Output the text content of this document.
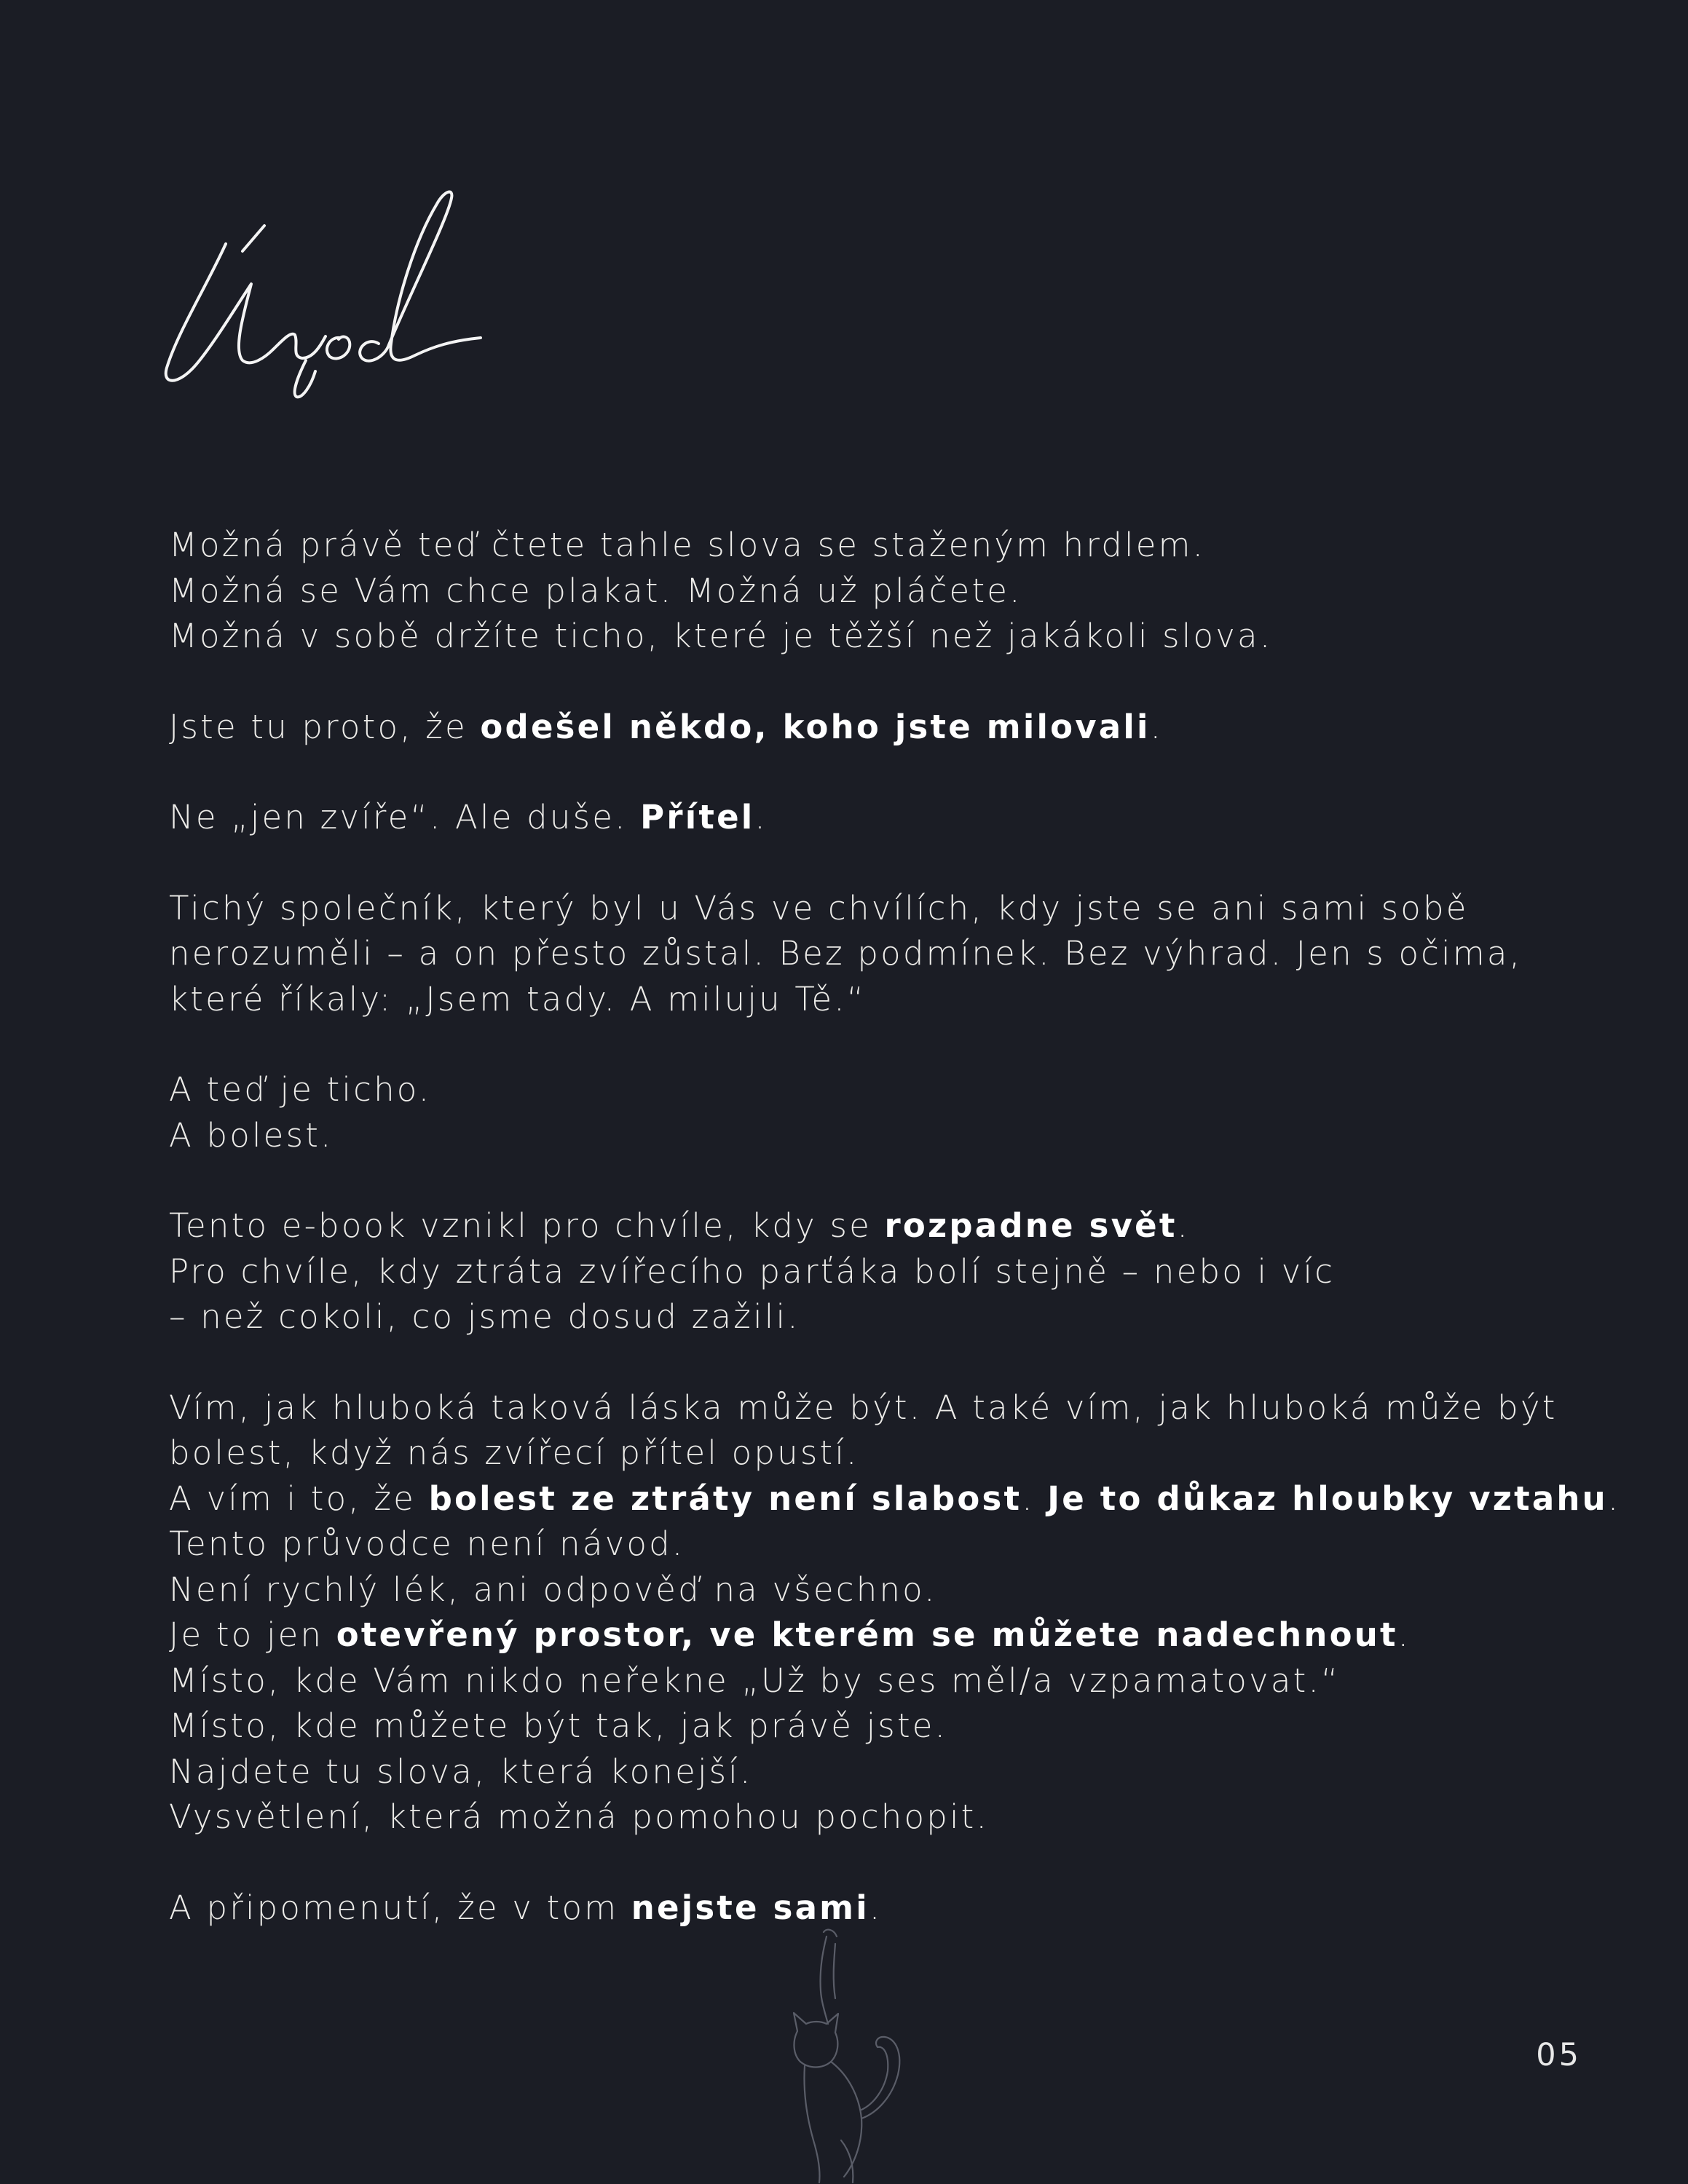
Možná právě teď čtete tahle slova se staženým hrdlem.
Možná se Vám chce plakat. Možná už pláčete.
Možná v sobě držíte ticho, které je těžší než jakákoli slova.
Jste tu proto, že odešel někdo, koho jste milovali.
Ne „jen zvíře“. Ale duše. Přítel.
Tichý společník, který byl u Vás ve chvílích, kdy jste se ani sami sobě
nerozuměli – a on přesto zůstal. Bez podmínek. Bez výhrad. Jen s očima,
které říkaly: „Jsem tady. A miluju Tě.“
A teď je ticho.
A bolest.
Tento e-book vznikl pro chvíle, kdy se rozpadne svět.
Pro chvíle, kdy ztráta zvířecího parťáka bolí stejně – nebo i víc
– než cokoli, co jsme dosud zažili.
Vím, jak hluboká taková láska může být. A také vím, jak hluboká může být
bolest, když nás zvířecí přítel opustí.
A vím i to, že bolest ze ztráty není slabost. Je to důkaz hloubky vztahu.
Tento průvodce není návod.
Není rychlý lék, ani odpověď na všechno.
Je to jen otevřený prostor, ve kterém se můžete nadechnout.
Místo, kde Vám nikdo neřekne „Už by ses měl/a vzpamatovat.“
Místo, kde můžete být tak, jak právě jste.
Najdete tu slova, která konejší.
Vysvětlení, která možná pomohou pochopit.
A připomenutí, že v tom nejste sami.
05
